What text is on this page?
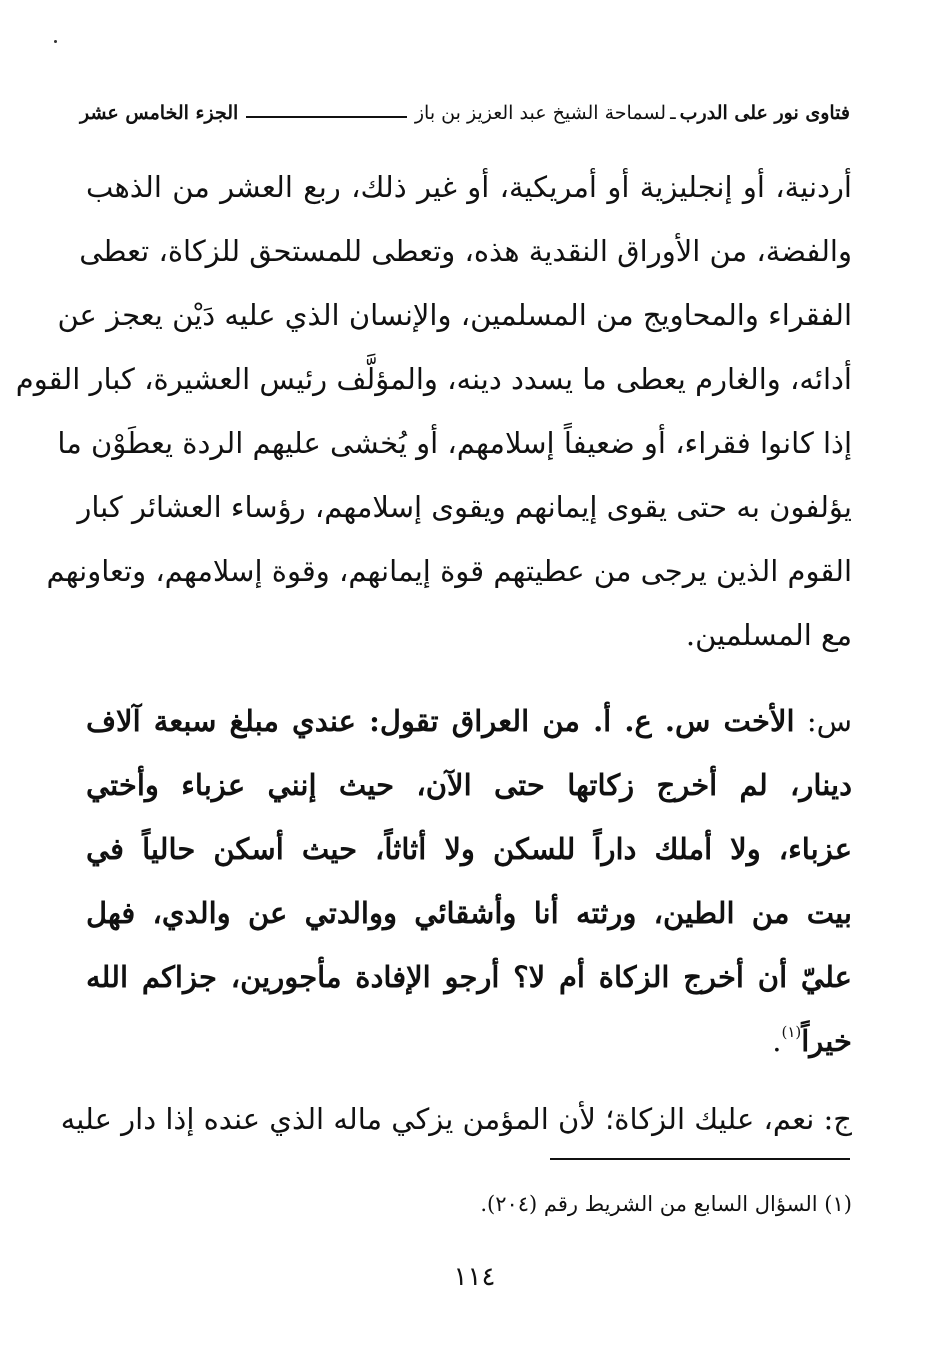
فتاوى نور على الدرب
ـ
لسماحة الشيخ عبد العزيز بن باز
الجزء الخامس عشر
أردنية، أو إنجليزية أو أمريكية، أو غير ذلك، ربع العشر من الذهب
والفضة، من الأوراق النقدية هذه، وتعطى للمستحق للزكاة، تعطى
الفقراء والمحاويج من المسلمين، والإنسان الذي عليه دَيْن يعجز عن
أدائه، والغارم يعطى ما يسدد دينه، والمؤلَّف رئيس العشيرة، كبار القوم
إذا كانوا فقراء، أو ضعيفاً إسلامهم، أو يُخشى عليهم الردة يعطَوْن ما
يؤلفون به حتى يقوى إيمانهم ويقوى إسلامهم، رؤساء العشائر كبار
القوم الذين يرجى من عطيتهم قوة إيمانهم، وقوة إسلامهم، وتعاونهم
مع المسلمين.
س: الأخت س. ع. أ. من العراق تقول: عندي مبلغ سبعة آلاف
دينار، لم أخرج زكاتها حتى الآن، حيث إنني عزباء وأختي
عزباء، ولا أملك داراً للسكن ولا أثاثاً، حيث أسكن حالياً في
بيت من الطين، ورثته أنا وأشقائي ووالدتي عن والدي، فهل
عليّ أن أخرج الزكاة أم لا؟ أرجو الإفادة مأجورين، جزاكم الله
خيراً$^{(١)}$.
ج: نعم، عليك الزكاة؛ لأن المؤمن يزكي ماله الذي عنده إذا دار عليه
(١) السؤال السابع من الشريط رقم (٢٠٤).
١١٤
